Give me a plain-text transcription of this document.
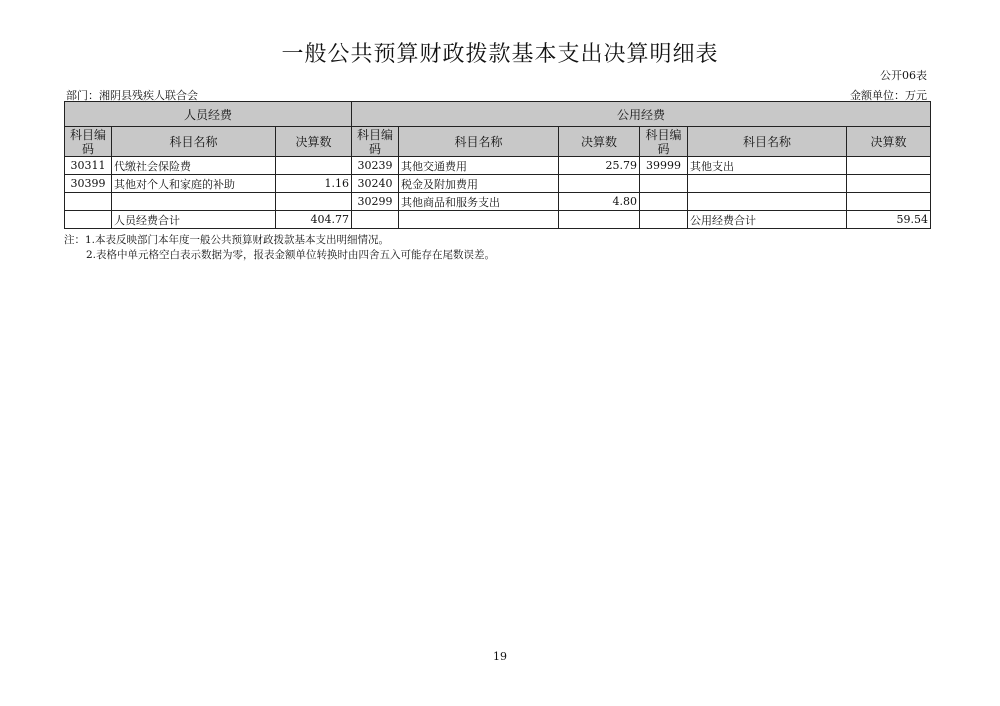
一般公共预算财政拨款基本支出决算明细表
公开06表
部门：湘阴县残疾人联合会	金额单位：万元
人员经费			公用经费					
科目编码	科目名称	决算数	科目编码	科目名称	决算数	科目编码	科目名称	决算数
30311	代缴社会保险费		30239	其他交通费用	25.79	39999	其他支出	
30399	其他对个人和家庭的补助	1.16	30240	税金及附加费用				
			30299	其他商品和服务支出	4.80			
	人员经费合计	404.77					公用经费合计	59.54
注：1.本表反映部门本年度一般公共预算财政拨款基本支出明细情况。
2.表格中单元格空白表示数据为零，报表金额单位转换时由四舍五入可能存在尾数误差。
19
